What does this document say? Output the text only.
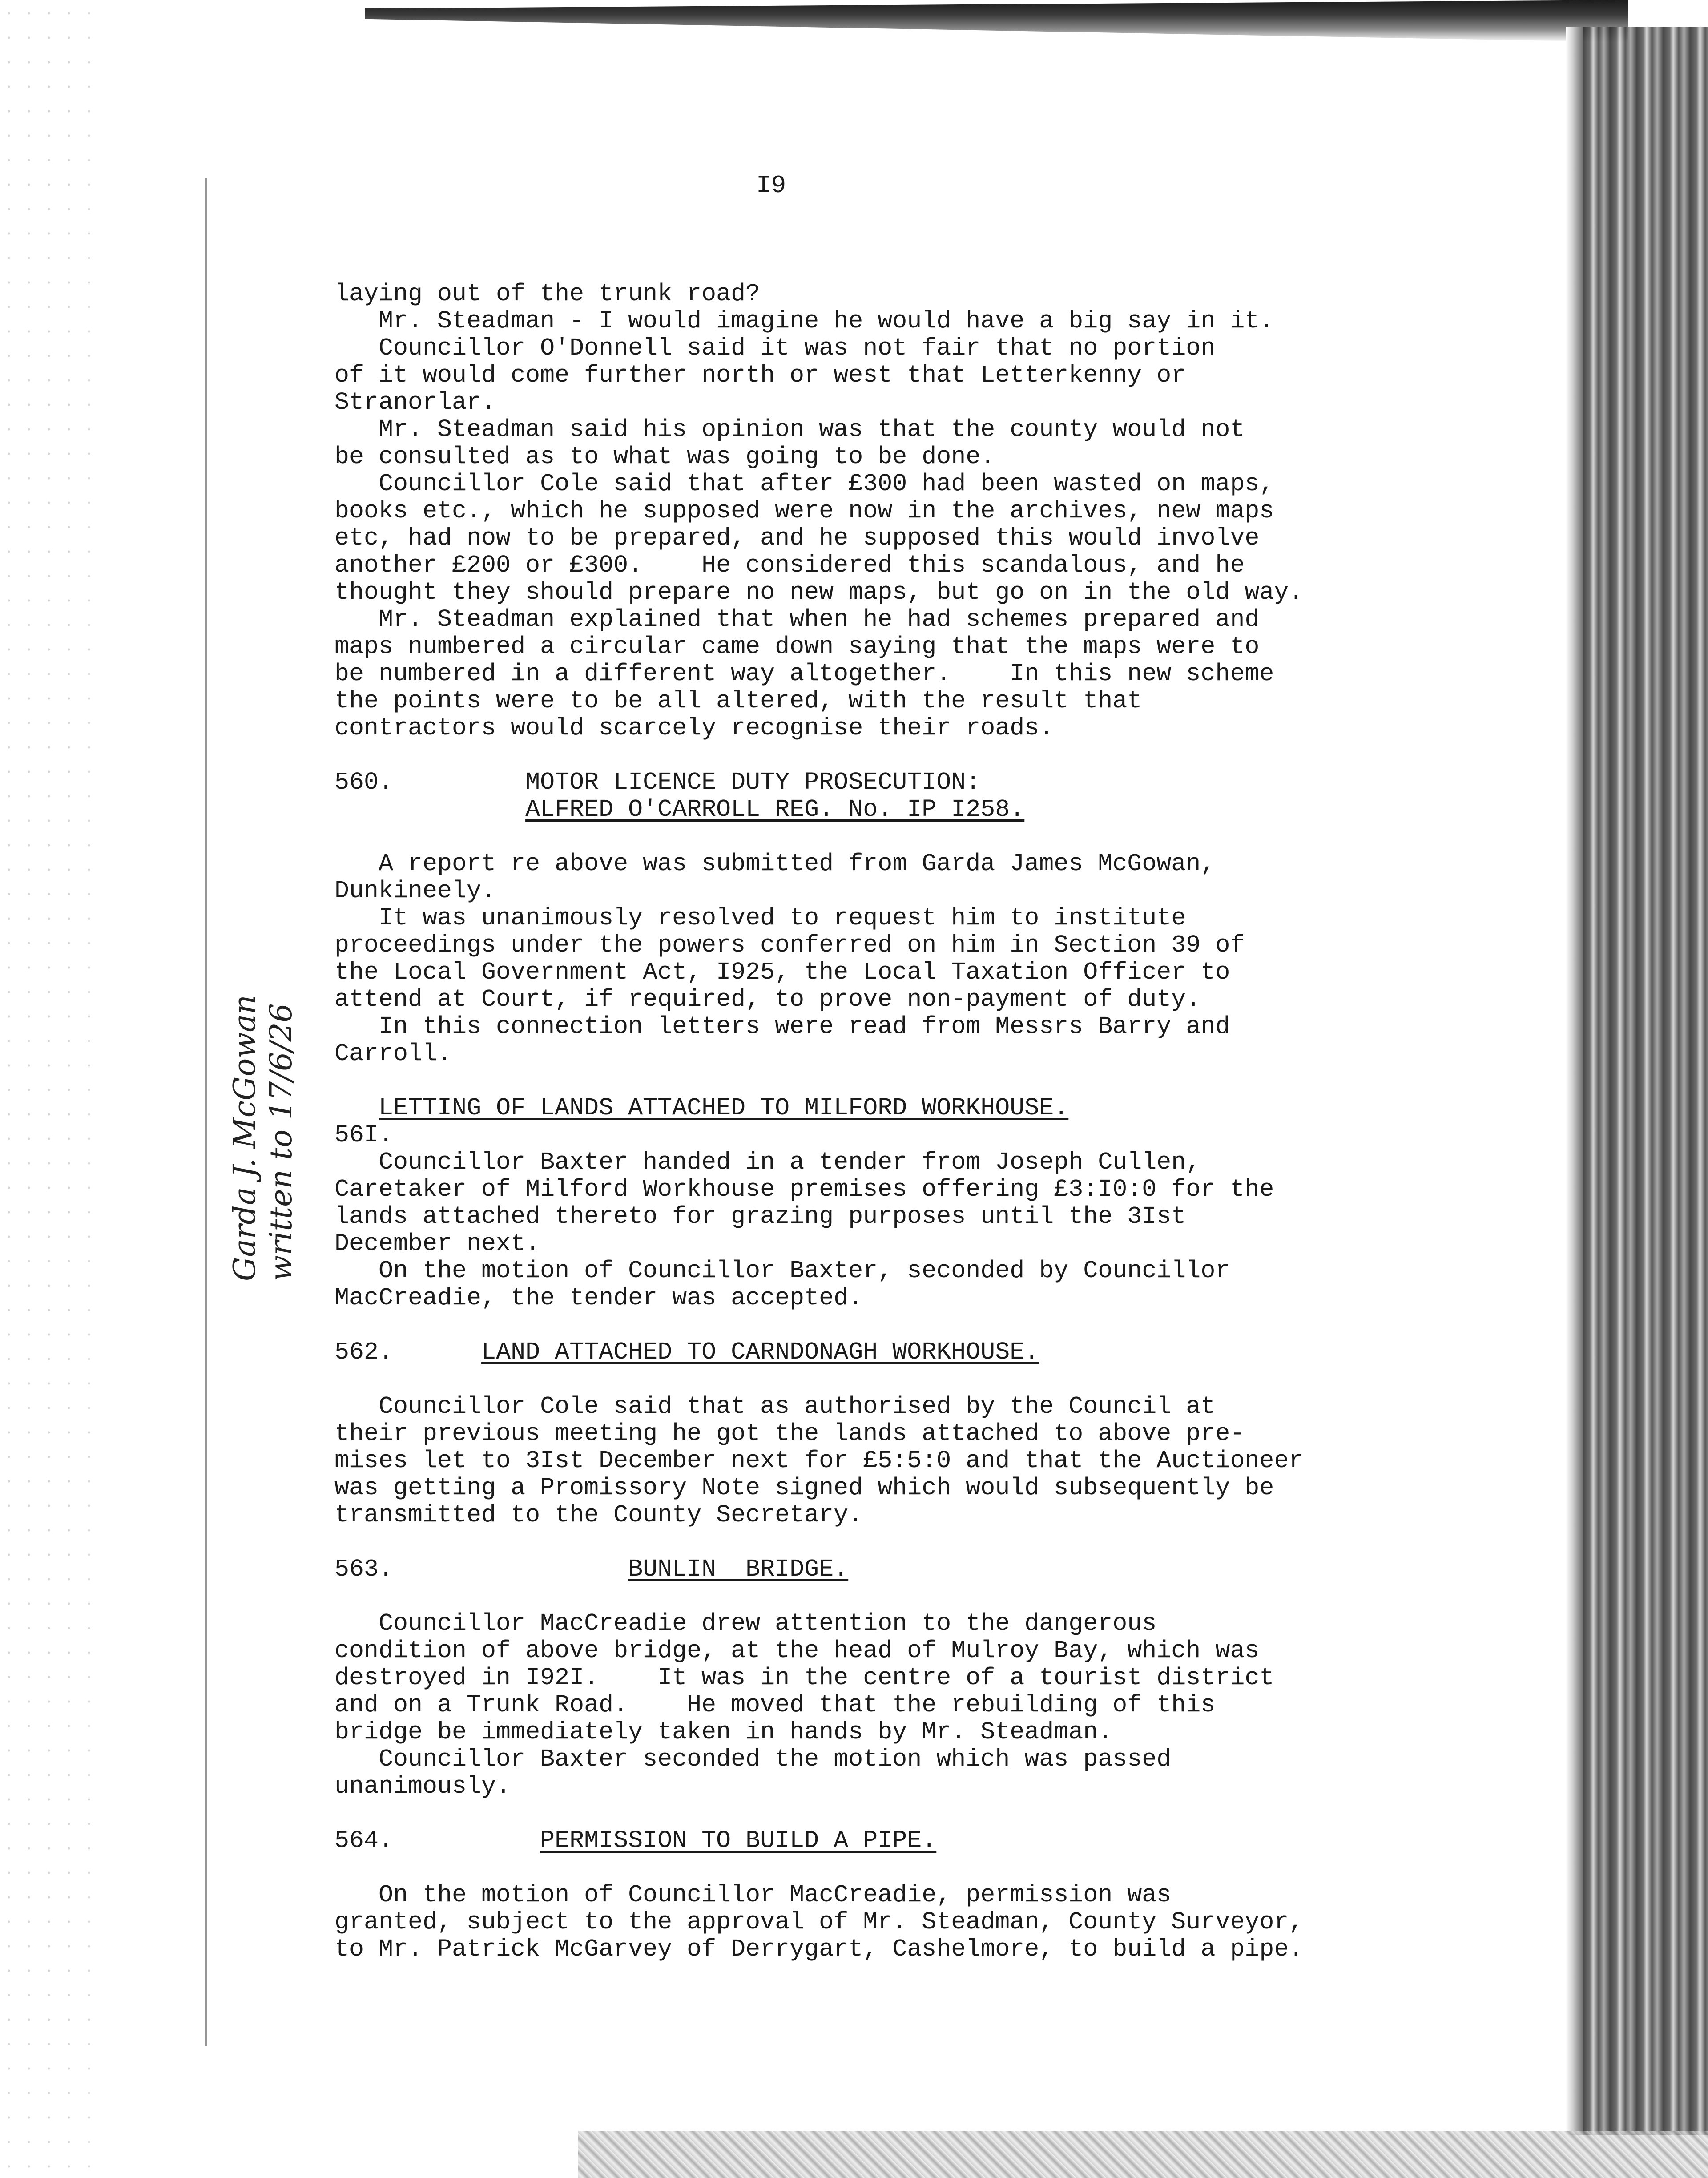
I9
Garda J. McGowan written to 17/6/26
laying out of the trunk road?
Mr. Steadman - I would imagine he would have a big say in it.
Councillor O'Donnell said it was not fair that no portion
of it would come further north or west that Letterkenny or
Stranorlar.
Mr. Steadman said his opinion was that the county would not
be consulted as to what was going to be done.
Councillor Cole said that after £300 had been wasted on maps,
books etc., which he supposed were now in the archives, new maps
etc, had now to be prepared, and he supposed this would involve
another £200 or £300.    He considered this scandalous, and he
thought they should prepare no new maps, but go on in the old way.
Mr. Steadman explained that when he had schemes prepared and
maps numbered a circular came down saying that the maps were to
be numbered in a different way altogether.    In this new scheme
the points were to be all altered, with the result that
contractors would scarcely recognise their roads.
560.         MOTOR LICENCE DUTY PROSECUTION:
ALFRED O'CARROLL REG. No. IP I258.
A report re above was submitted from Garda James McGowan,
Dunkineely.
It was unanimously resolved to request him to institute
proceedings under the powers conferred on him in Section 39 of
the Local Government Act, I925, the Local Taxation Officer to
attend at Court, if required, to prove non-payment of duty.
In this connection letters were read from Messrs Barry and
Carroll.
LETTING OF LANDS ATTACHED TO MILFORD WORKHOUSE.
56I.
Councillor Baxter handed in a tender from Joseph Cullen,
Caretaker of Milford Workhouse premises offering £3:I0:0 for the
lands attached thereto for grazing purposes until the 3Ist
December next.
On the motion of Councillor Baxter, seconded by Councillor
MacCreadie, the tender was accepted.
562.      LAND ATTACHED TO CARNDONAGH WORKHOUSE.
Councillor Cole said that as authorised by the Council at
their previous meeting he got the lands attached to above pre-
mises let to 3Ist December next for £5:5:0 and that the Auctioneer
was getting a Promissory Note signed which would subsequently be
transmitted to the County Secretary.
563.                BUNLIN  BRIDGE.
Councillor MacCreadie drew attention to the dangerous
condition of above bridge, at the head of Mulroy Bay, which was
destroyed in I92I.    It was in the centre of a tourist district
and on a Trunk Road.    He moved that the rebuilding of this
bridge be immediately taken in hands by Mr. Steadman.
Councillor Baxter seconded the motion which was passed
unanimously.
564.          PERMISSION TO BUILD A PIPE.
On the motion of Councillor MacCreadie, permission was
granted, subject to the approval of Mr. Steadman, County Surveyor,
to Mr. Patrick McGarvey of Derrygart, Cashelmore, to build a pipe.
